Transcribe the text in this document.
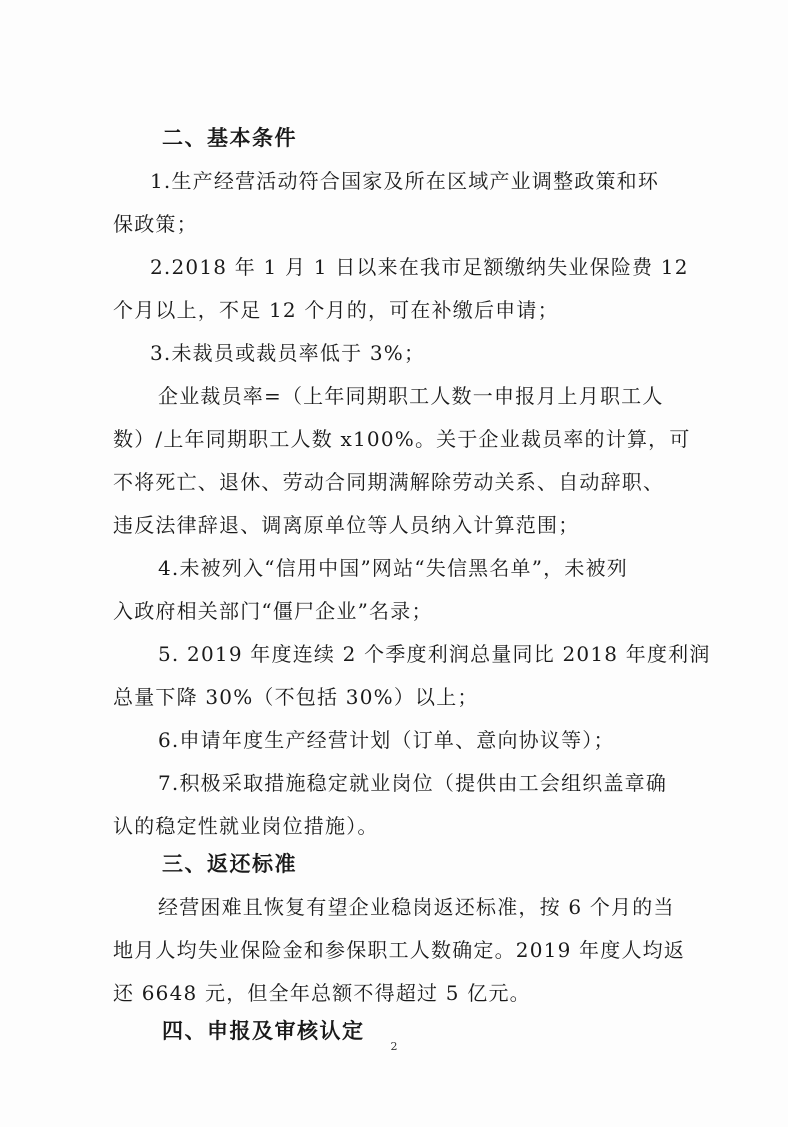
二、基本条件
1.生产经营活动符合国家及所在区域产业调整政策和环
保政策；
2.2018 年 1 月 1 日以来在我市足额缴纳失业保险费 12
个月以上，不足 12 个月的，可在补缴后申请；
3.未裁员或裁员率低于 3%；
企业裁员率=（上年同期职工人数一申报月上月职工人
数）/上年同期职工人数 x100%。关于企业裁员率的计算，可
不将死亡、退休、劳动合同期满解除劳动关系、自动辞职、
违反法律辞退、调离原单位等人员纳入计算范围；
4.未被列入“信用中国”网站“失信黑名单”，未被列
入政府相关部门“僵尸企业”名录；
5. 2019 年度连续 2 个季度利润总量同比 2018 年度利润
总量下降 30%（不包括 30%）以上；
6.申请年度生产经营计划（订单、意向协议等）；
7.积极采取措施稳定就业岗位（提供由工会组织盖章确
认的稳定性就业岗位措施）。
三、返还标准
经营困难且恢复有望企业稳岗返还标准，按 6 个月的当
地月人均失业保险金和参保职工人数确定。2019 年度人均返
还 6648 元，但全年总额不得超过 5 亿元。
四、申报及审核认定
2
